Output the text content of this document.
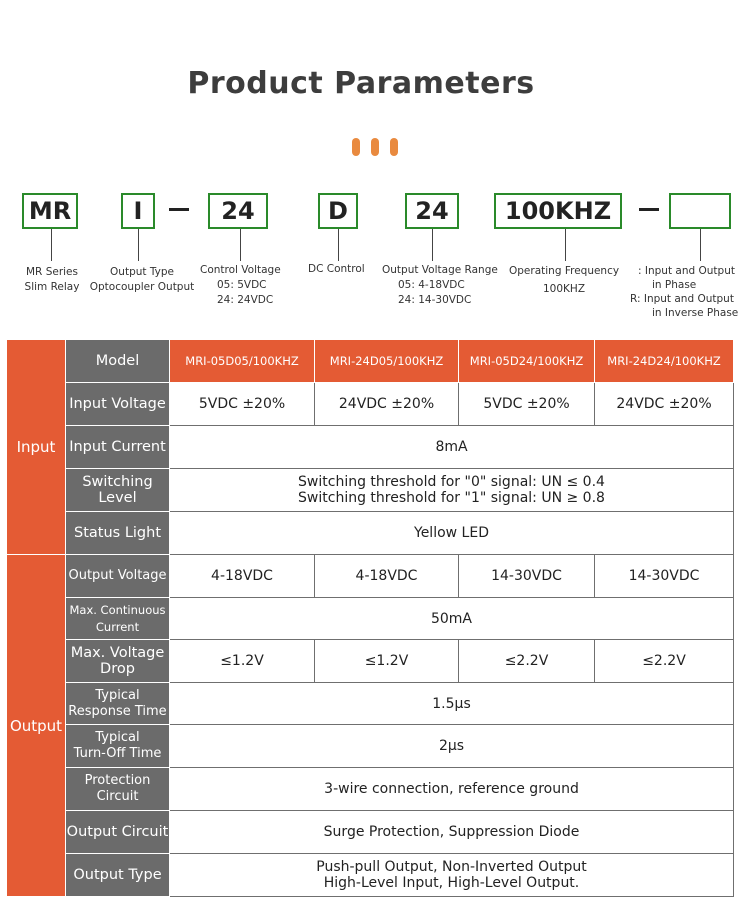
Product Parameters
MR	I	24	D	24	100KHZ
MR Series
Slim Relay
Output Type
Optocoupler Output
Control Voltage
05: 5VDC
24: 24VDC
DC Control Output Voltage Range
05: 4-18VDC
24: 14-30VDC
Operating Frequency
100KHZ
: Input and Output
in Phase
R: Input and Output
in Inverse Phase
Input	Model	MRI-05D05/100KHZ	MRI-24D05/100KHZ	MRI-05D24/100KHZ	MRI-24D24/100KHZ
	Input Voltage	5VDC ±20%	24VDC ±20%	5VDC ±20%	24VDC ±20%
	Input Current	8mA			

	Switching
Level	Switching threshold for "0" signal: UN ≤ 0.4
Switching threshold for "1" signal: UN ≥ 0.8			

	Status Light	Yellow LED			
Output	Output Voltage	4-18VDC	4-18VDC	14-30VDC	14-30VDC

	Max. Continuous
Current	50mA			

	Max. Voltage
Drop	≤1.2V	≤1.2V	≤2.2V	≤2.2V

	Typical
Response Time	1.5μs			

	Typical
Turn-Off Time	2μs			

	Protection
Circuit	3-wire connection, reference ground			
	Output Circuit	Surge Protection, Suppression Diode			
	Output Type	Push-pull Output, Non-Inverted Output
High-Level Input, High-Level Output.			
